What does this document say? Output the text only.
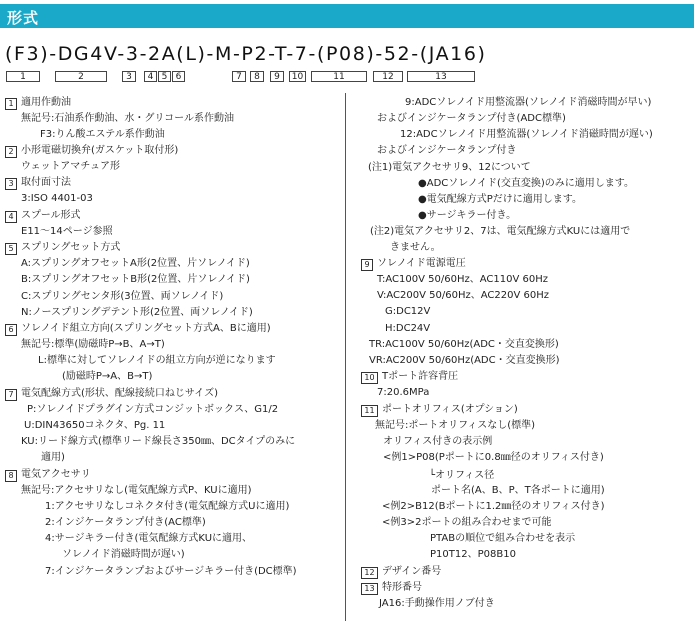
形式
(F3)-DG4V-3-2A(L)-M-P2-T-7-(P08)-52-(JA16)
1	2	3	4 5 6	7	8	9	10	11	12	13
1 適用作動油
無記号:石油系作動油、水・グリコール系作動油
F3:りん酸エステル系作動油
2 小形電磁切換弁(ガスケット取付形)
ウェットアマチュア形
3 取付面寸法
3:ISO 4401-03
4 スプール形式
E11～14ページ参照
5 スプリングセット方式
A:スプリングオフセットA形(2位置、片ソレノイド)
B:スプリングオフセットB形(2位置、片ソレノイド)
C:スプリングセンタ形(3位置、両ソレノイド)
N:ノースプリングデテント形(2位置、両ソレノイド)
6 ソレノイド組立方向(スプリングセット方式A、Bに適用)
無記号:標準(励磁時P→B、A→T)
L:標準に対してソレノイドの組立方向が逆になります
(励磁時P→A、B→T)
7 電気配線方式(形状、配線接続口ねじサイズ)
P:ソレノイドプラグイン方式コンジットボックス、G1/2
U:DIN43650コネクタ、Pg. 11
KU:リード線方式(標準リード線長さ350㎜、DCタイプのみに
適用)
8 電気アクセサリ
無記号:アクセサリなし(電気配線方式P、KUに適用)
1:アクセサリなしコネクタ付き(電気配線方式Uに適用)
2:インジケータランプ付き(AC標準)
4:サージキラー付き(電気配線方式KUに適用、
ソレノイド消磁時間が遅い)
7:インジケータランプおよびサージキラー付き(DC標準)
9:ADCソレノイド用整流器(ソレノイド消磁時間が早い)
およびインジケータランプ付き(ADC標準)
12:ADCソレノイド用整流器(ソレノイド消磁時間が遅い)
およびインジケータランプ付き
(注1)電気アクセサリ9、12について
●ADCソレノイド(交直変換)のみに適用します。
●電気配線方式Pだけに適用します。
●サージキラー付き。
(注2)電気アクセサリ2、7は、電気配線方式KUには適用で
きません。
9 ソレノイド電源電圧
T:AC100V 50/60Hz、AC110V 60Hz
V:AC200V 50/60Hz、AC220V 60Hz
G:DC12V
H:DC24V
TR:AC100V 50/60Hz(ADC・交直変換形)
VR:AC200V 50/60Hz(ADC・交直変換形)
10 Tポート許容背圧
7:20.6MPa
11 ポートオリフィス(オプション)
無記号:ポートオリフィスなし(標準)
オリフィス付きの表示例
<例1>P08(Pポートに0.8㎜径のオリフィス付き)
└オリフィス径
ポート名(A、B、P、T各ポートに適用)
<例2>B12(Bポートに1.2㎜径のオリフィス付き)
<例3>2ポートの組み合わせまで可能
PTABの順位で組み合わせを表示
P10T12、P08B10
12 デザイン番号
13 特形番号
JA16:手動操作用ノブ付き
